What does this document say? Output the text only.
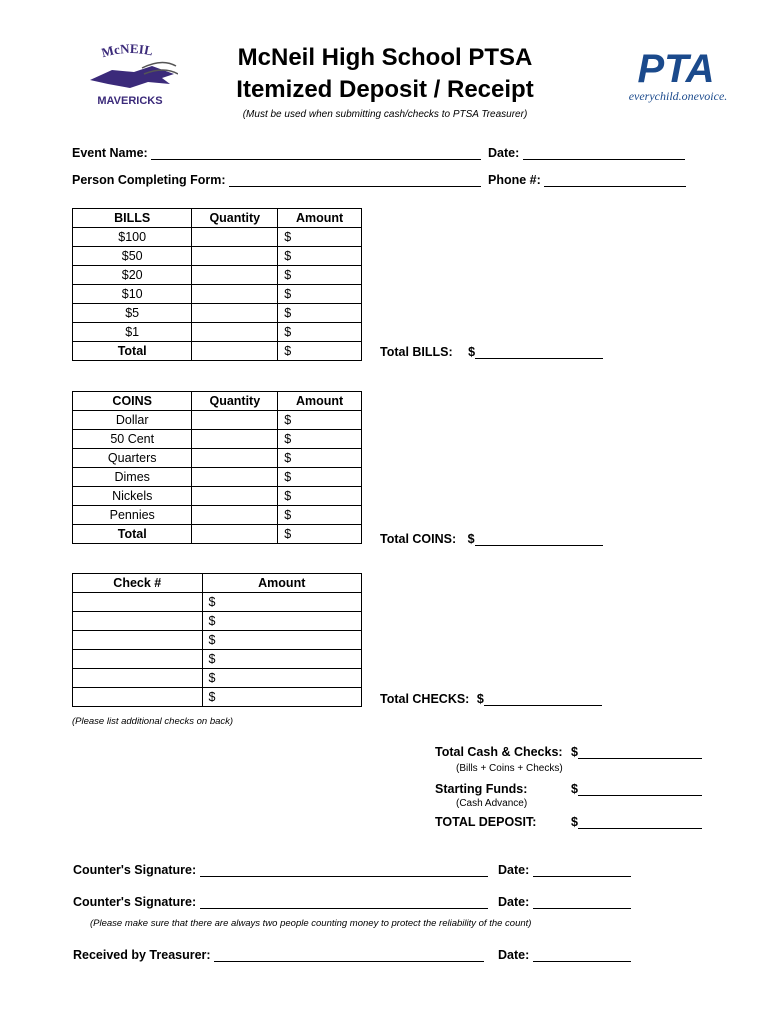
McNEIL
MAVERICKS
McNeil High School PTSA
Itemized Deposit / Receipt
(Must be used when submitting cash/checks to PTSA Treasurer)
PTA
everychild.onevoice.
Event Name:	Date:
Person Completing Form:	Phone #:
BILLS	Quantity	Amount
$100		$
$50		$
$20		$
$10		$
$5		$
$1		$
Total		$	Total BILLS: $
COINS	Quantity	Amount
Dollar		$
50 Cent		$
Quarters		$
Dimes		$
Nickels		$
Pennies		$
Total		$	Total COINS: $
Check #	Amount
	$
	$
	$
	$
	$
	$	Total CHECKS: $
(Please list additional checks on back)
Total Cash & Checks: $
(Bills + Coins + Checks)
Starting Funds:	$
(Cash Advance)
TOTAL DEPOSIT:	$
Counter's Signature:	Date:
Counter's Signature:	Date:
(Please make sure that there are always two people counting money to protect the reliability of the count)
Received by Treasurer:	Date:
